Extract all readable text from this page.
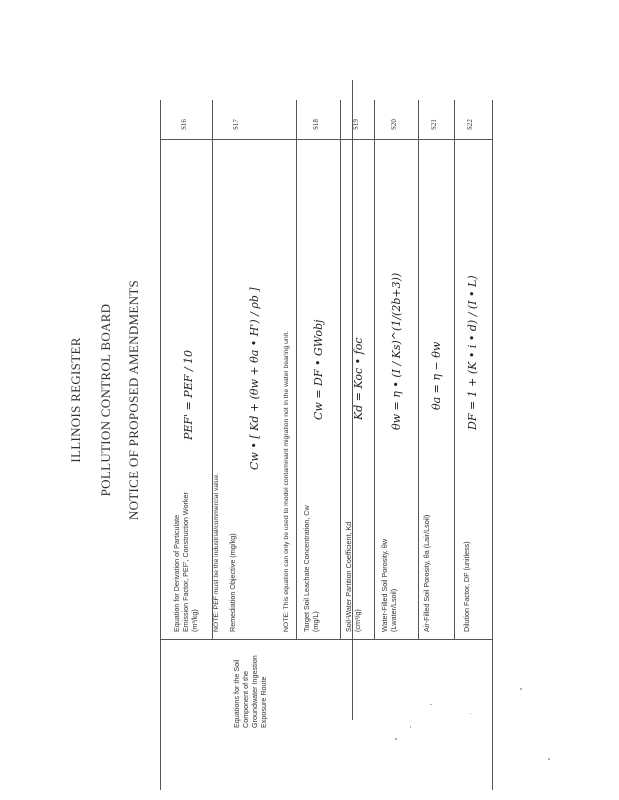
ILLINOIS REGISTER POLLUTION CONTROL BOARD NOTICE OF PROPOSED AMENDMENTS
Equations for the Soil Component of the Groundwater Ingestion Exposure Route
Equation for Derivation of Particulate Emission Factor, PEF', Construction Worker (m³/kg)
PEF' = PEF / 10
S16
NOTE: PEF must be the industrial/commercial value. Remediation Objective (mg/kg)
Cw • [ Kd + (θw + θa • H') / ρb ]
S17
NOTE: This equation can only be used to model contaminant migration not in the water bearing unit. Target Soil Leachate Concentration, Cw (mg/L)
Cw = DF • GWobj
S18
Soil-Water Partition Coefficient, Kd (cm³/g)
Kd = Koc • foc
S19
Water-Filled Soil Porosity, θw (Lwater/Lsoil)
θw = η • (I / Ks)^(1/(2b+3))
S20
Air-Filled Soil Porosity, θa (Lair/Lsoil)
θa = η − θw
S21
Dilution Factor, DF (unitless)
DF = 1 + (K • i • d) / (I • L)
S22
